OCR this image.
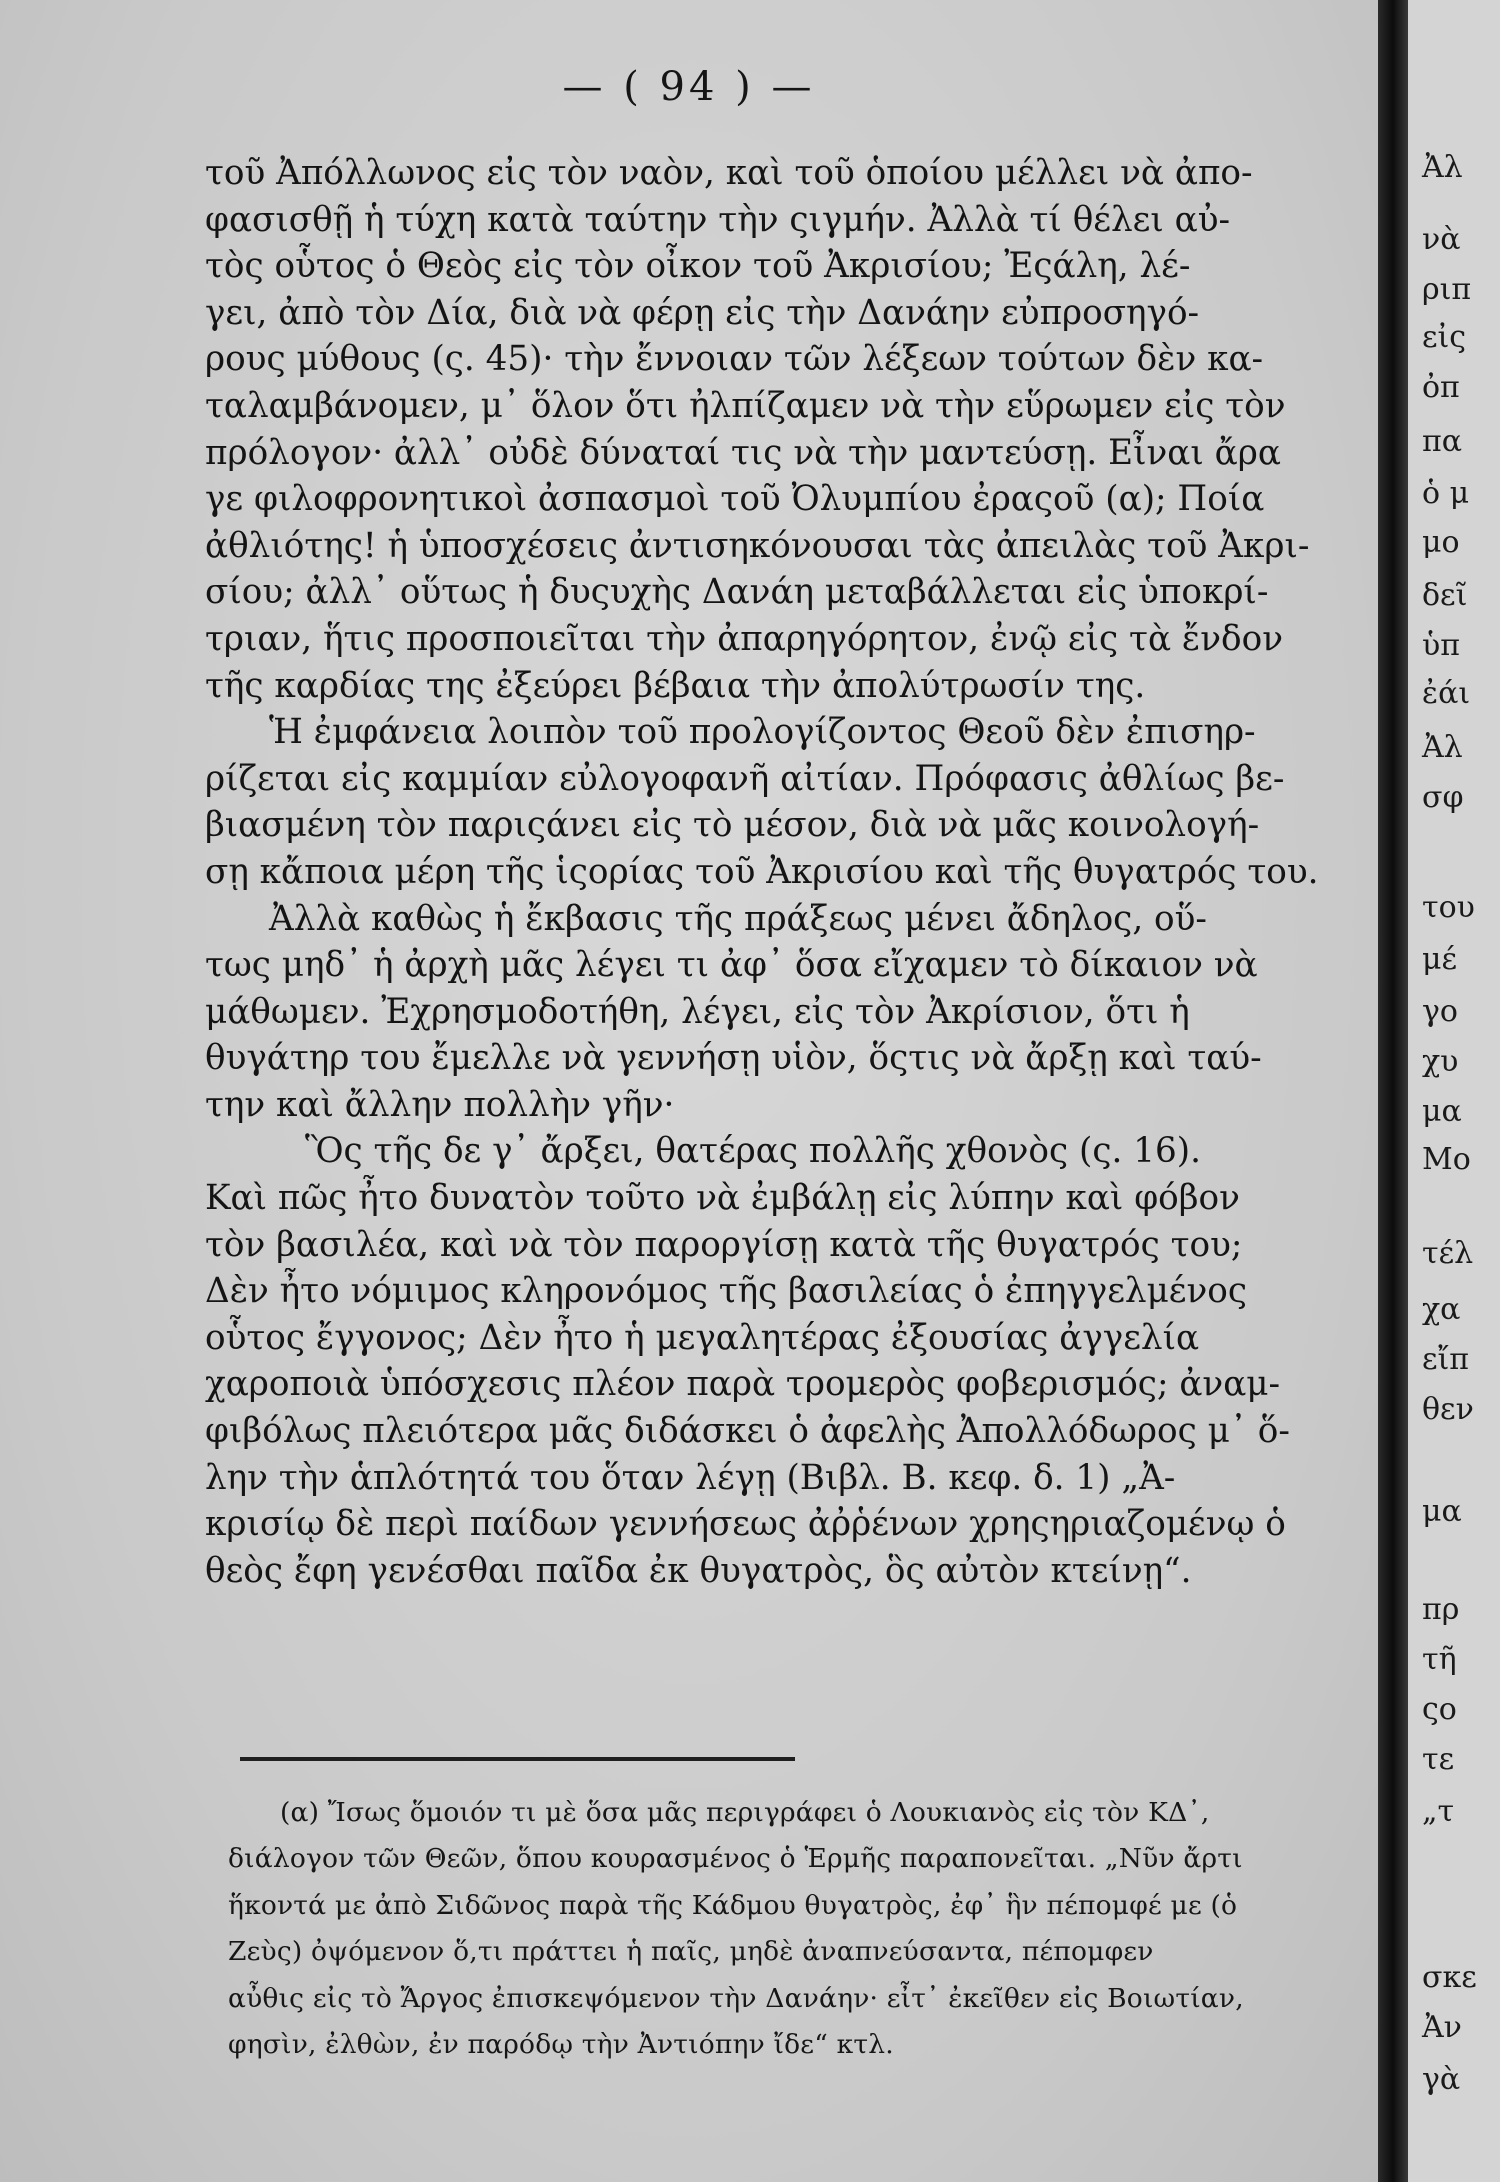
— ( 94 ) —
τοῦ Ἀπόλλωνος εἰς τὸν ναὸν, καὶ τοῦ ὁποίου μέλλει νὰ ἀπο-
φασισθῇ ἡ τύχη κατὰ ταύτην τὴν ςιγμήν. Ἀλλὰ τί θέλει αὐ-
τὸς οὗτος ὁ Θεὸς εἰς τὸν οἶκον τοῦ Ἀκρισίου; Ἐςάλη, λέ-
γει, ἀπὸ τὸν Δία, διὰ νὰ φέρῃ εἰς τὴν Δανάην εὐπροσηγό-
ρους μύθους (ς. 45)· τὴν ἔννοιαν τῶν λέξεων τούτων δὲν κα-
ταλαμβάνομεν, μ᾽ ὅλον ὅτι ἠλπίζαμεν νὰ τὴν εὕρωμεν εἰς τὸν
πρόλογον· ἀλλ᾽ οὐδὲ δύναταί τις νὰ τὴν μαντεύσῃ. Εἶναι ἄρα
γε φιλοφρονητικοὶ ἀσπασμοὶ τοῦ Ὀλυμπίου ἐραςοῦ (α); Ποία
ἀθλιότης! ἡ ὑποσχέσεις ἀντισηκόνουσαι τὰς ἀπειλὰς τοῦ Ἀκρι-
σίου; ἀλλ᾽ οὕτως ἡ δυςυχὴς Δανάη μεταβάλλεται εἰς ὑποκρί-
τριαν, ἥτις προσποιεῖται τὴν ἀπαρηγόρητον, ἐνῷ εἰς τὰ ἔνδον
τῆς καρδίας της ἐξεύρει βέβαια τὴν ἀπολύτρωσίν της.
Ἡ ἐμφάνεια λοιπὸν τοῦ προλογίζοντος Θεοῦ δὲν ἐπισηρ-
ρίζεται εἰς καμμίαν εὐλογοφανῆ αἰτίαν. Πρόφασις ἀθλίως βε-
βιασμένη τὸν παριςάνει εἰς τὸ μέσον, διὰ νὰ μᾶς κοινολογή-
σῃ κἄποια μέρη τῆς ἱςορίας τοῦ Ἀκρισίου καὶ τῆς θυγατρός του.
Ἀλλὰ καθὼς ἡ ἔκβασις τῆς πράξεως μένει ἄδηλος, οὕ-
τως μηδ᾽ ἡ ἀρχὴ μᾶς λέγει τι ἀφ᾽ ὅσα εἴχαμεν τὸ δίκαιον νὰ
μάθωμεν. Ἐχρησμοδοτήθη, λέγει, εἰς τὸν Ἀκρίσιον, ὅτι ἡ
θυγάτηρ του ἔμελλε νὰ γεννήσῃ υἱὸν, ὅςτις νὰ ἄρξῃ καὶ ταύ-
την καὶ ἄλλην πολλὴν γῆν·
Ὃς τῆς δε γ᾽ ἄρξει, θατέρας πολλῆς χθονὸς (ς. 16).
Καὶ πῶς ἦτο δυνατὸν τοῦτο νὰ ἐμβάλῃ εἰς λύπην καὶ φόβον
τὸν βασιλέα, καὶ νὰ τὸν παροργίσῃ κατὰ τῆς θυγατρός του;
Δὲν ἦτο νόμιμος κληρονόμος τῆς βασιλείας ὁ ἐπηγγελμένος
οὗτος ἔγγονος; Δὲν ἦτο ἡ μεγαλητέρας ἐξουσίας ἀγγελία
χαροποιὰ ὑπόσχεσις πλέον παρὰ τρομερὸς φοβερισμός; ἀναμ-
φιβόλως πλειότερα μᾶς διδάσκει ὁ ἀφελὴς Ἀπολλόδωρος μ᾽ ὅ-
λην τὴν ἁπλότητά του ὅταν λέγῃ (Βιβλ. Β. κεφ. δ. 1) „Ἀ-
κρισίῳ δὲ περὶ παίδων γεννήσεως ἀῤῥένων χρηςηριαζομένῳ ὁ
θεὸς ἔφη γενέσθαι παῖδα ἐκ θυγατρὸς, ὃς αὐτὸν κτείνῃ“.
(α) Ἴσως ὅμοιόν τι μὲ ὅσα μᾶς περιγράφει ὁ Λουκιανὸς εἰς τὸν ΚΔ᾽,
διάλογον τῶν Θεῶν, ὅπου κουρασμένος ὁ Ἑρμῆς παραπονεῖται. „Νῦν ἄρτι
ἥκοντά με ἀπὸ Σιδῶνος παρὰ τῆς Κάδμου θυγατρὸς, ἐφ᾽ ἣν πέπομφέ με (ὁ
Ζεὺς) ὀψόμενον ὅ,τι πράττει ἡ παῖς, μηδὲ ἀναπνεύσαντα, πέπομφεν
αὖθις εἰς τὸ Ἄργος ἐπισκεψόμενον τὴν Δανάην· εἶτ᾽ ἐκεῖθεν εἰς Βοιωτίαν,
φησὶν, ἐλθὼν, ἐν παρόδῳ τὴν Ἀντιόπην ἴδε“ κτλ.
Ἀλ
νὰ
ριπ
εἰς
ὀπ
πα
ὁ μ
μο
δεῖ
ὑπ
ἐάι
Ἀλ
σφ
του
μέ
γο
χυ
μα
Μο
τέλ
χα
εἴπ
θεν
μα
πρ
τῆ
ςο
τε
„τ
σκε
Ἀν
γὰ
